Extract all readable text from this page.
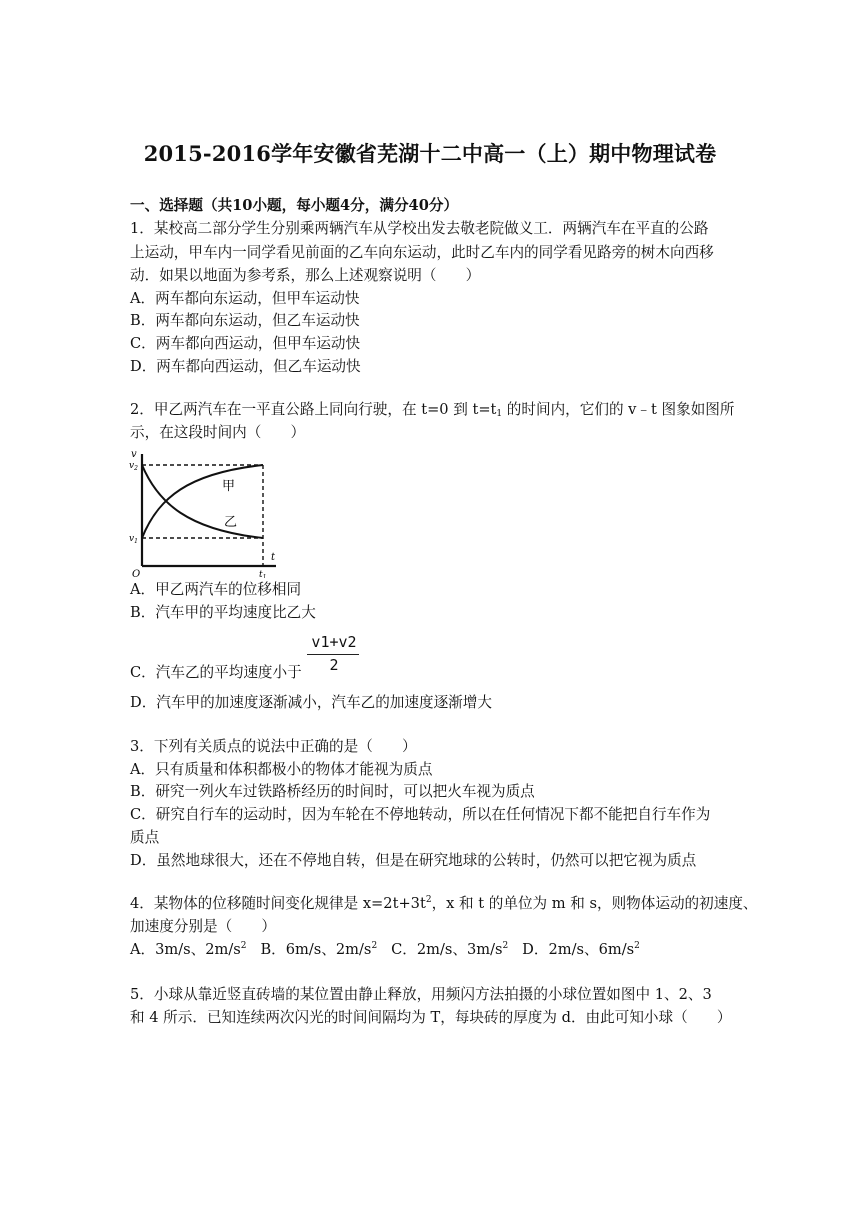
2015-2016学年安徽省芜湖十二中高一（上）期中物理试卷
一、选择题（共10小题，每小题4分，满分40分）
1．某校高二部分学生分别乘两辆汽车从学校出发去敬老院做义工．两辆汽车在平直的公路
上运动，甲车内一同学看见前面的乙车向东运动，此时乙车内的同学看见路旁的树木向西移
动．如果以地面为参考系，那么上述观察说明（　　）
A．两车都向东运动，但甲车运动快
B．两车都向东运动，但乙车运动快
C．两车都向西运动，但甲车运动快
D．两车都向西运动，但乙车运动快
2．甲乙两汽车在一平直公路上同向行驶，在 t=0 到 $t=t_1$ 的时间内，它们的 v﹣t 图象如图所
示，在这段时间内（　　）
v
t
O
$v_2$
$v_1$
$t_1$
甲
乙
A．甲乙两汽车的位移相同
B．汽车甲的平均速度比乙大
v1+v2
2
C．汽车乙的平均速度小于
D．汽车甲的加速度逐渐减小，汽车乙的加速度逐渐增大
3．下列有关质点的说法中正确的是（　　）
A．只有质量和体积都极小的物体才能视为质点
B．研究一列火车过铁路桥经历的时间时，可以把火车视为质点
C．研究自行车的运动时，因为车轮在不停地转动，所以在任何情况下都不能把自行车作为
质点
D．虽然地球很大，还在不停地自转，但是在研究地球的公转时，仍然可以把它视为质点
4．某物体的位移随时间变化规律是 $x=2t+3t^2$，x 和 t 的单位为 m 和 s，则物体运动的初速度、
加速度分别是（　　）
A．3m/s、$2m/s^2$ B．6m/s、$2m/s^2$ C．2m/s、$3m/s^2$ D．2m/s、$6m/s^2$
5．小球从靠近竖直砖墙的某位置由静止释放，用频闪方法拍摄的小球位置如图中 1、2、3
和 4 所示．已知连续两次闪光的时间间隔均为 T，每块砖的厚度为 d．由此可知小球（　　）
